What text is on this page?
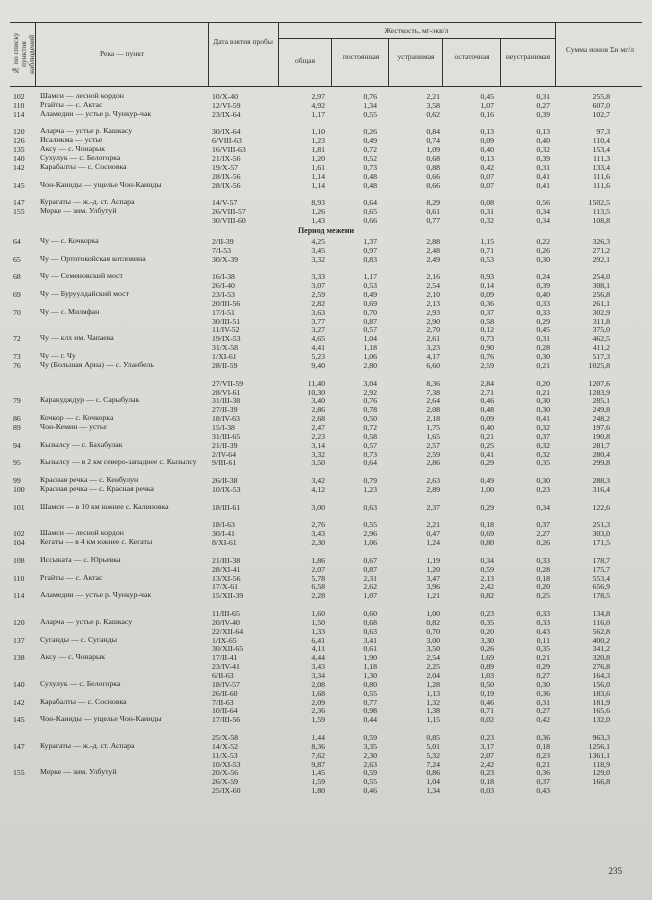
№ по списку пунктов наблюдений	Река — пункт
Дата взятия пробы
Жесткость, мг-экв/л
общая	постоянная	устранимая	остаточная	неустранимая
Сумма ионов Σи мг/л
102	Шамси — лесной кордон	10/X-40	2,97	0,76	2,21	0,45	0,31	255,8
110	Ргайты — с. Актас	12/VI-59	4,92	1,34	3,58	1,07	0,27	607,0
114	Аламедин — устье р. Чункур-чак	23/IX-64	1,17	0,55	0,62	0,16	0,39	102,7
120	Аларча — устье р. Кашкасу	30/IX-64	1,10	0,26	0,84	0,13	0,13	97,3
126	Исаликма — устье	6/VIII-63	1,23	0,49	0,74	0,09	0,40	110,4
135	Аксу — с. Чонарык	16/VIII-63	1,81	0,72	1,09	0,40	0,32	153,4
140	Сухулук — с. Белогорка	21/IX-56	1,20	0,52	0,68	0,13	0,39	111,3
142	Карабалты — с. Сосновка	19/X-57	1,61	0,73	0,88	0,42	0,31	133,4
28/IX-56	1,14	0,48	0,66	0,07	0,41	111,6
145	Чон-Каинды — ущелье Чон-Каинды	28/IX-56	1,14	0,48	0,66	0,07	0,41	111,6
147	Курагаты — ж.-д. ст. Аспара	14/V-57	8,93	0,64	8,29	0,08	0,56	1502,5
155	Мерке — зим. Улбутуй	26/VIII-57	1,26	0,65	0,61	0,31	0,34	113,5
30/VIII-60	1,43	0,66	0,77	0,32	0,34	108,8
Период межени
64	Чу — с. Кочкорка	2/II-39	4,25	1,37	2,88	1,15	0,22	326,3
7/I-53	3,45	0,97	2,48	0,71	0,26	271,2
65	Чу — Ортотокойская котловина	30/X-39	3,32	0,83	2,49	0,53	0,30	292,1
68	Чу — Семеновский мост	16/I-38	3,33	1,17	2,16	0,93	0,24	254,0
26/I-40	3,07	0,53	2,54	0,14	0,39	308,1
69	Чу — Буруулдайский мост	23/I-53	2,59	0,49	2,10	0,09	0,40	256,8
20/III-56	2,82	0,69	2,13	0,36	0,33	261,1
70	Чу — с. Миляфан	17/I-51	3,63	0,70	2,93	0,37	0,33	302,9
30/III-51	3,77	0,87	2,90	0,58	0,29	311,8
11/IV-52	3,27	0,57	2,70	0,12	0,45	375,0
72	Чу — клх им. Чапаева	19/IX-53	4,65	1,04	2,61	0,73	0,31	462,5
31/X-58	4,41	1,18	3,23	0,90	0,28	411,2
73	Чу — г. Чу	1/XI-61	5,23	1,06	4,17	0,76	0,30	517,3
76	Чу (Большая Арна) — с. Уланбель	28/II-59	9,40	2,80	6,60	2,59	0,21	1025,8
27/VII-59	11,40	3,04	8,36	2,84	0,20	1207,6
28/VI-61	10,30	2,92	7,38	2,71	0,21	1283,9
79	Каракудждур — с. Сарыбулак	31/III-38	3,40	0,76	2,64	0,46	0,30	285,1
27/II-39	2,86	0,78	2,08	0,48	0,30	249,8
86	Кочкор — с. Кочкорка	18/IV-63	2,68	0,50	2,18	0,09	0,41	248,2
89	Чон-Кемин — устье	15/I-38	2,47	0,72	1,75	0,40	0,32	197,6
31/III-65	2,23	0,58	1,65	0,21	0,37	190,8
94	Кызылсу — с. Бахабулак	21/II-39	3,14	0,57	2,57	0,25	0,32	281,7
2/IV-64	3,32	0,73	2,59	0,41	0,32	280,4
95	Кызылсу — в 2 км северо-западнее с. Кызылсу	9/III-61	3,50	0,64	2,86	0,29	0,35	299,8
99	Красная речка — с. Кенбулун	26/II-38	3,42	0,79	2,63	0,49	0,30	288,3
100	Красная речка — с. Красная речка	10/IX-53	4,12	1,23	2,89	1,00	0,23	316,4
101	Шамси — в 10 км южнее с. Калиновка	18/III-61	3,00	0,63	2,37	0,29	0,34	122,6
18/I-63	2,76	0,55	2,21	0,18	0,37	251,3
102	Шамси — лесной кордон	30/I-41	3,43	2,96	0,47	0,69	2,27	303,0
104	Кегаты — в 4 км южнее с. Кегаты	8/XI-61	2,30	1,06	1,24	0,80	0,26	171,5
108	Иссыката — с. Юрьевка	21/III-38	1,86	0,67	1,19	0,34	0,33	178,7
28/XI-41	2,07	0,87	1,20	0,59	0,28	175,7
110	Ргайты — с. Актас	13/XI-56	5,78	2,31	3,47	2,13	0,18	553,4
17/X-61	6,58	2,62	3,96	2,42	0,20	656,9
114	Аламедин — устье р. Чункур-чак	15/XII-39	2,28	1,07	1,21	0,82	0,25	178,5
11/III-65	1,60	0,60	1,00	0,23	0,33	134,8
120	Аларча — устье р. Кашкасу	20/IV-40	1,50	0,68	0,82	0,35	0,33	116,0
22/XII-64	1,33	0,63	0,70	0,20	0,43	562,8
137	Суганды — с. Суганды	1/IX-65	6,41	3,41	3,00	3,30	0,11	400,2
30/XII-65	4,11	0,61	3,50	0,26	0,35	341,2
138	Аксу — с. Чонарык	17/II-41	4,44	1,90	2,54	1,69	0,21	320,8
23/IV-41	3,43	1,18	2,25	0,89	0,29	276,8
6/II-63	3,34	1,30	2,04	1,03	0,27	164,3
140	Сухулук — с. Белогорка	18/IV-57	2,08	0,80	1,28	0,50	0,30	156,0
26/II-60	1,68	0,55	1,13	0,19	0,36	183,6
142	Карабалты — с. Сосновка	7/II-63	2,09	0,77	1,32	0,46	0,31	181,9
10/II-64	2,36	0,98	1,38	0,71	0,27	165,6
145	Чон-Каинды — ущелье Чон-Каинды	17/III-56	1,59	0,44	1,15	0,02	0,42	132,0
25/X-58	1,44	0,59	0,85	0,23	0,36	963,3
147	Курагаты — ж.-д. ст. Аспара	14/X-52	8,36	3,35	5,01	3,17	0,18	1256,1
11/X-53	7,62	2,30	5,32	2,07	0,23	1361,1
10/XI-53	9,87	2,63	7,24	2,42	0,21	118,9
155	Мерке — зим. Улбутуй	20/X-56	1,45	0,59	0,86	0,23	0,36	129,0
26/X-59	1,59	0,55	1,04	0,18	0,37	166,8
25/IX-60	1,80	0,46	1,34	0,03	0,43
235
